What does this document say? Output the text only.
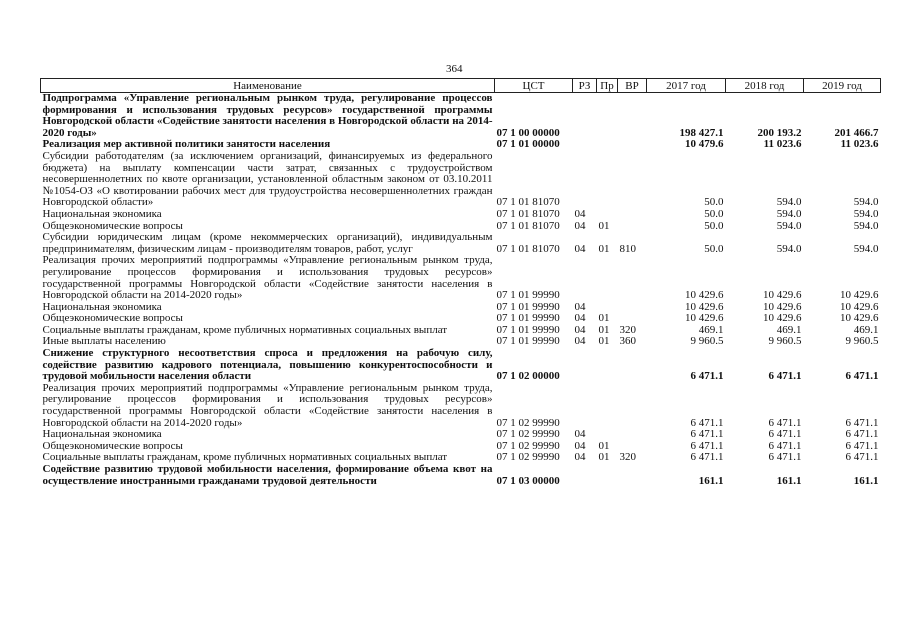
364
Наименование	ЦСТ	РЗ	Пр	ВР	2017 год	2018 год	2019 год
Подпрограмма «Управление региональным рынком труда, регулирование процессов формирования и использования трудовых ресурсов» государственной программы Новгородской области «Содействие занятости населения в Новгородской области на 2014-2020 годы»	07 1 00 00000				198 427.1	200 193.2	201 466.7
Реализация мер активной политики занятости населения	07 1 01 00000				10 479.6	11 023.6	11 023.6
Субсидии работодателям (за исключением организаций, финансируемых из федерального бюджета) на выплату компенсации части затрат, связанных с трудоустройством несовершеннолетних по квоте организации, установленной областным законом от 03.10.2011 №1054-ОЗ «О квотировании рабочих мест для трудоустройства несовершеннолетних граждан Новгородской области»	07 1 01 81070				50.0	594.0	594.0
Национальная экономика	07 1 01 81070	04			50.0	594.0	594.0
Общеэкономические вопросы	07 1 01 81070	04	01		50.0	594.0	594.0
Субсидии юридическим лицам (кроме некоммерческих организаций), индивидуальным предпринимателям, физическим лицам - производителям товаров, работ, услуг	07 1 01 81070	04	01	810	50.0	594.0	594.0
Реализация прочих мероприятий подпрограммы «Управление региональным рынком труда, регулирование процессов формирования и использования трудовых ресурсов» государственной программы Новгородской области «Содействие занятости населения в Новгородской области на 2014-2020 годы»	07 1 01 99990				10 429.6	10 429.6	10 429.6
Национальная экономика	07 1 01 99990	04			10 429.6	10 429.6	10 429.6
Общеэкономические вопросы	07 1 01 99990	04	01		10 429.6	10 429.6	10 429.6
Социальные выплаты гражданам, кроме публичных нормативных социальных выплат	07 1 01 99990	04	01	320	469.1	469.1	469.1
Иные выплаты населению	07 1 01 99990	04	01	360	9 960.5	9 960.5	9 960.5
Снижение структурного несоответствия спроса и предложения на рабочую силу, содействие развитию кадрового потенциала, повышению конкурентоспособности и трудовой мобильности населения области	07 1 02 00000				6 471.1	6 471.1	6 471.1
Реализация прочих мероприятий подпрограммы «Управление региональным рынком труда, регулирование процессов формирования и использования трудовых ресурсов» государственной программы Новгородской области «Содействие занятости населения в Новгородской области на 2014-2020 годы»	07 1 02 99990				6 471.1	6 471.1	6 471.1
Национальная экономика	07 1 02 99990	04			6 471.1	6 471.1	6 471.1
Общеэкономические вопросы	07 1 02 99990	04	01		6 471.1	6 471.1	6 471.1
Социальные выплаты гражданам, кроме публичных нормативных социальных выплат	07 1 02 99990	04	01	320	6 471.1	6 471.1	6 471.1
Содействие развитию трудовой мобильности населения, формирование объема квот на осуществление иностранными гражданами трудовой деятельности	07 1 03 00000				161.1	161.1	161.1
